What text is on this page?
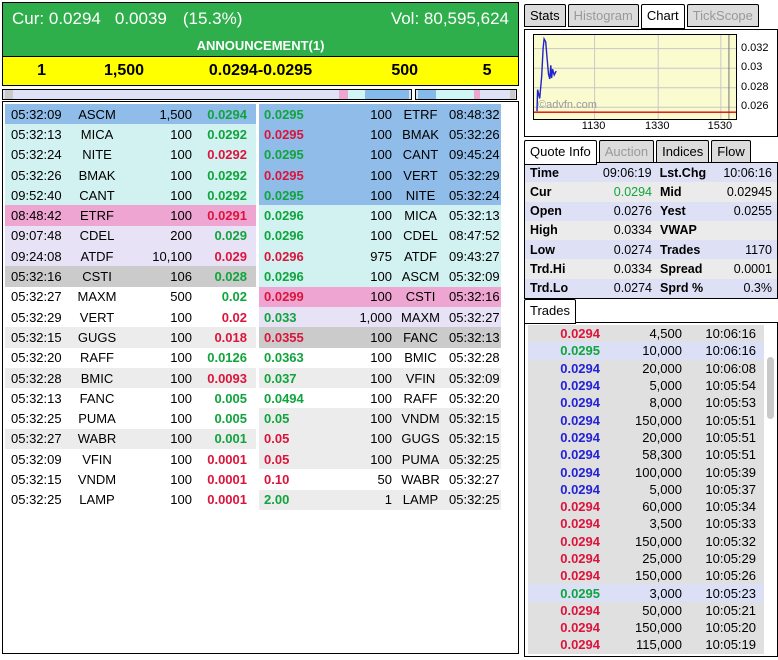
Cur:
0.0294 0.0039 (15.3%)	Vol:
80,595,624
ANNOUNCEMENT(1)
1	1,500	0.0294-0.0295	500	5
05:32:09	ASCM	1,500	0.0294
05:32:13	MICA	100	0.0292
05:32:24	NITE	100	0.0292
05:32:26	BMAK	100	0.0292
09:52:40	CANT	100	0.0292
08:48:42	ETRF	100	0.0291
09:07:48	CDEL	200	0.029
09:24:08	ATDF	10,100	0.029
05:32:16	CSTI	106	0.028
05:32:27	MAXM	500	0.02
05:32:29	VERT	100	0.02
05:32:15	GUGS	100	0.018
05:32:20	RAFF	100	0.0126
05:32:28	BMIC	100	0.0093
05:32:13	FANC	100	0.005
05:32:25	PUMA	100	0.005
05:32:27	WABR	100	0.001
05:32:09	VFIN	100	0.0001
05:32:15	VNDM	100	0.0001
05:32:25	LAMP	100	0.0001
0.0295	100 ETRF 08:48:32
0.0295	100 BMAK 05:32:26
0.0295	100 CANT 09:45:24
0.0295	100 VERT 05:32:29
0.0295	100	NITE	05:32:24
0.0296	100 MICA 05:32:13
0.0296	100 CDEL 08:47:52
0.0296	975 ATDF 09:43:27
0.0296	100 ASCM 05:32:09
0.0299	100	CSTI	05:32:16
0.033	1,000 MAXM 05:32:27
0.0355	100 FANC 05:32:13
0.0363	100 BMIC 05:32:28
0.037	100	VFIN	05:32:09
0.0494	100 RAFF 05:32:20
0.05	100 VNDM 05:32:15
0.05	100 GUGS 05:32:15
0.05	100 PUMA 05:32:25
0.10	50 WABR 05:32:27
2.00	1 LAMP 05:32:25
Stats Histogram Chart TickScope
©advfn.com	0.026
0.028
0.03
0.032
1130	1330	1530
Quote Info Auction Indices Flow
Time	09:06:19 Lst.Chg	10:06:16
Cur	0.0294 Mid	0.02945
Open	0.0276 Yest	0.0255
High	0.0334 VWAP
Low	0.0274 Trades	1170
Trd.Hi	0.0334 Spread	0.0001
Trd.Lo	0.0274 Sprd %	0.3%
Trades
0.0294	4,500	10:06:16
0.0295	10,000	10:06:16
0.0294	20,000	10:06:08
0.0294	5,000	10:05:54
0.0294	8,000	10:05:53
0.0294	150,000	10:05:51
0.0294	20,000	10:05:51
0.0294	58,300	10:05:51
0.0294	100,000	10:05:39
0.0294	5,000	10:05:37
0.0294	60,000	10:05:34
0.0294	3,500	10:05:33
0.0294	150,000	10:05:32
0.0294	25,000	10:05:29
0.0294	150,000	10:05:26
0.0295	3,000	10:05:23
0.0294	50,000	10:05:21
0.0294	150,000	10:05:20
0.0294	115,000	10:05:19
